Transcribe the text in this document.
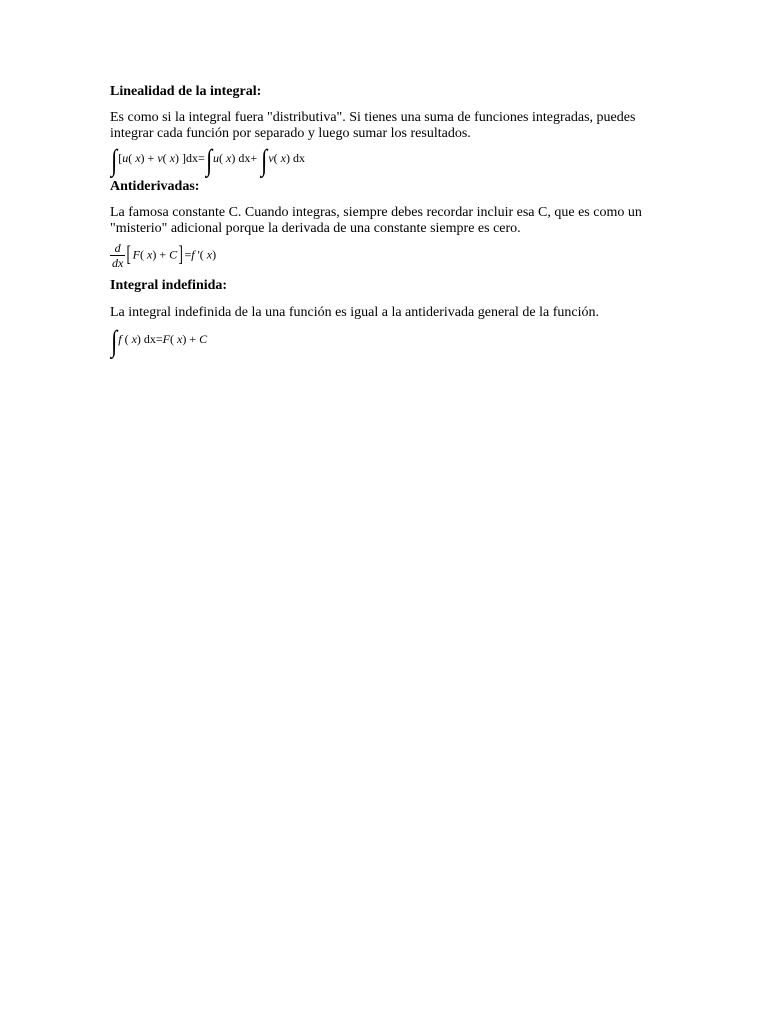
Linealidad de la integral:

Es como si la integral fuera "distributiva". Si tienes una suma de funciones integradas, puedes integrar cada función por separado y luego sumar los resultados.

∫[u( x) + v( x) ]dx=∫u( x) dx+ ∫v( x) dx

Antiderivadas:

La famosa constante C. Cuando integras, siempre debes recordar incluir esa C, que es como un "misterio" adicional porque la derivada de una constante siempre es cero.

$\frac{d}{dx} [F$( x) + C]=f '( x)

Integral indefinida:

La integral indefinida de la una función es igual a la antiderivada general de la función.

∫f ( x) dx=F( x) + C
